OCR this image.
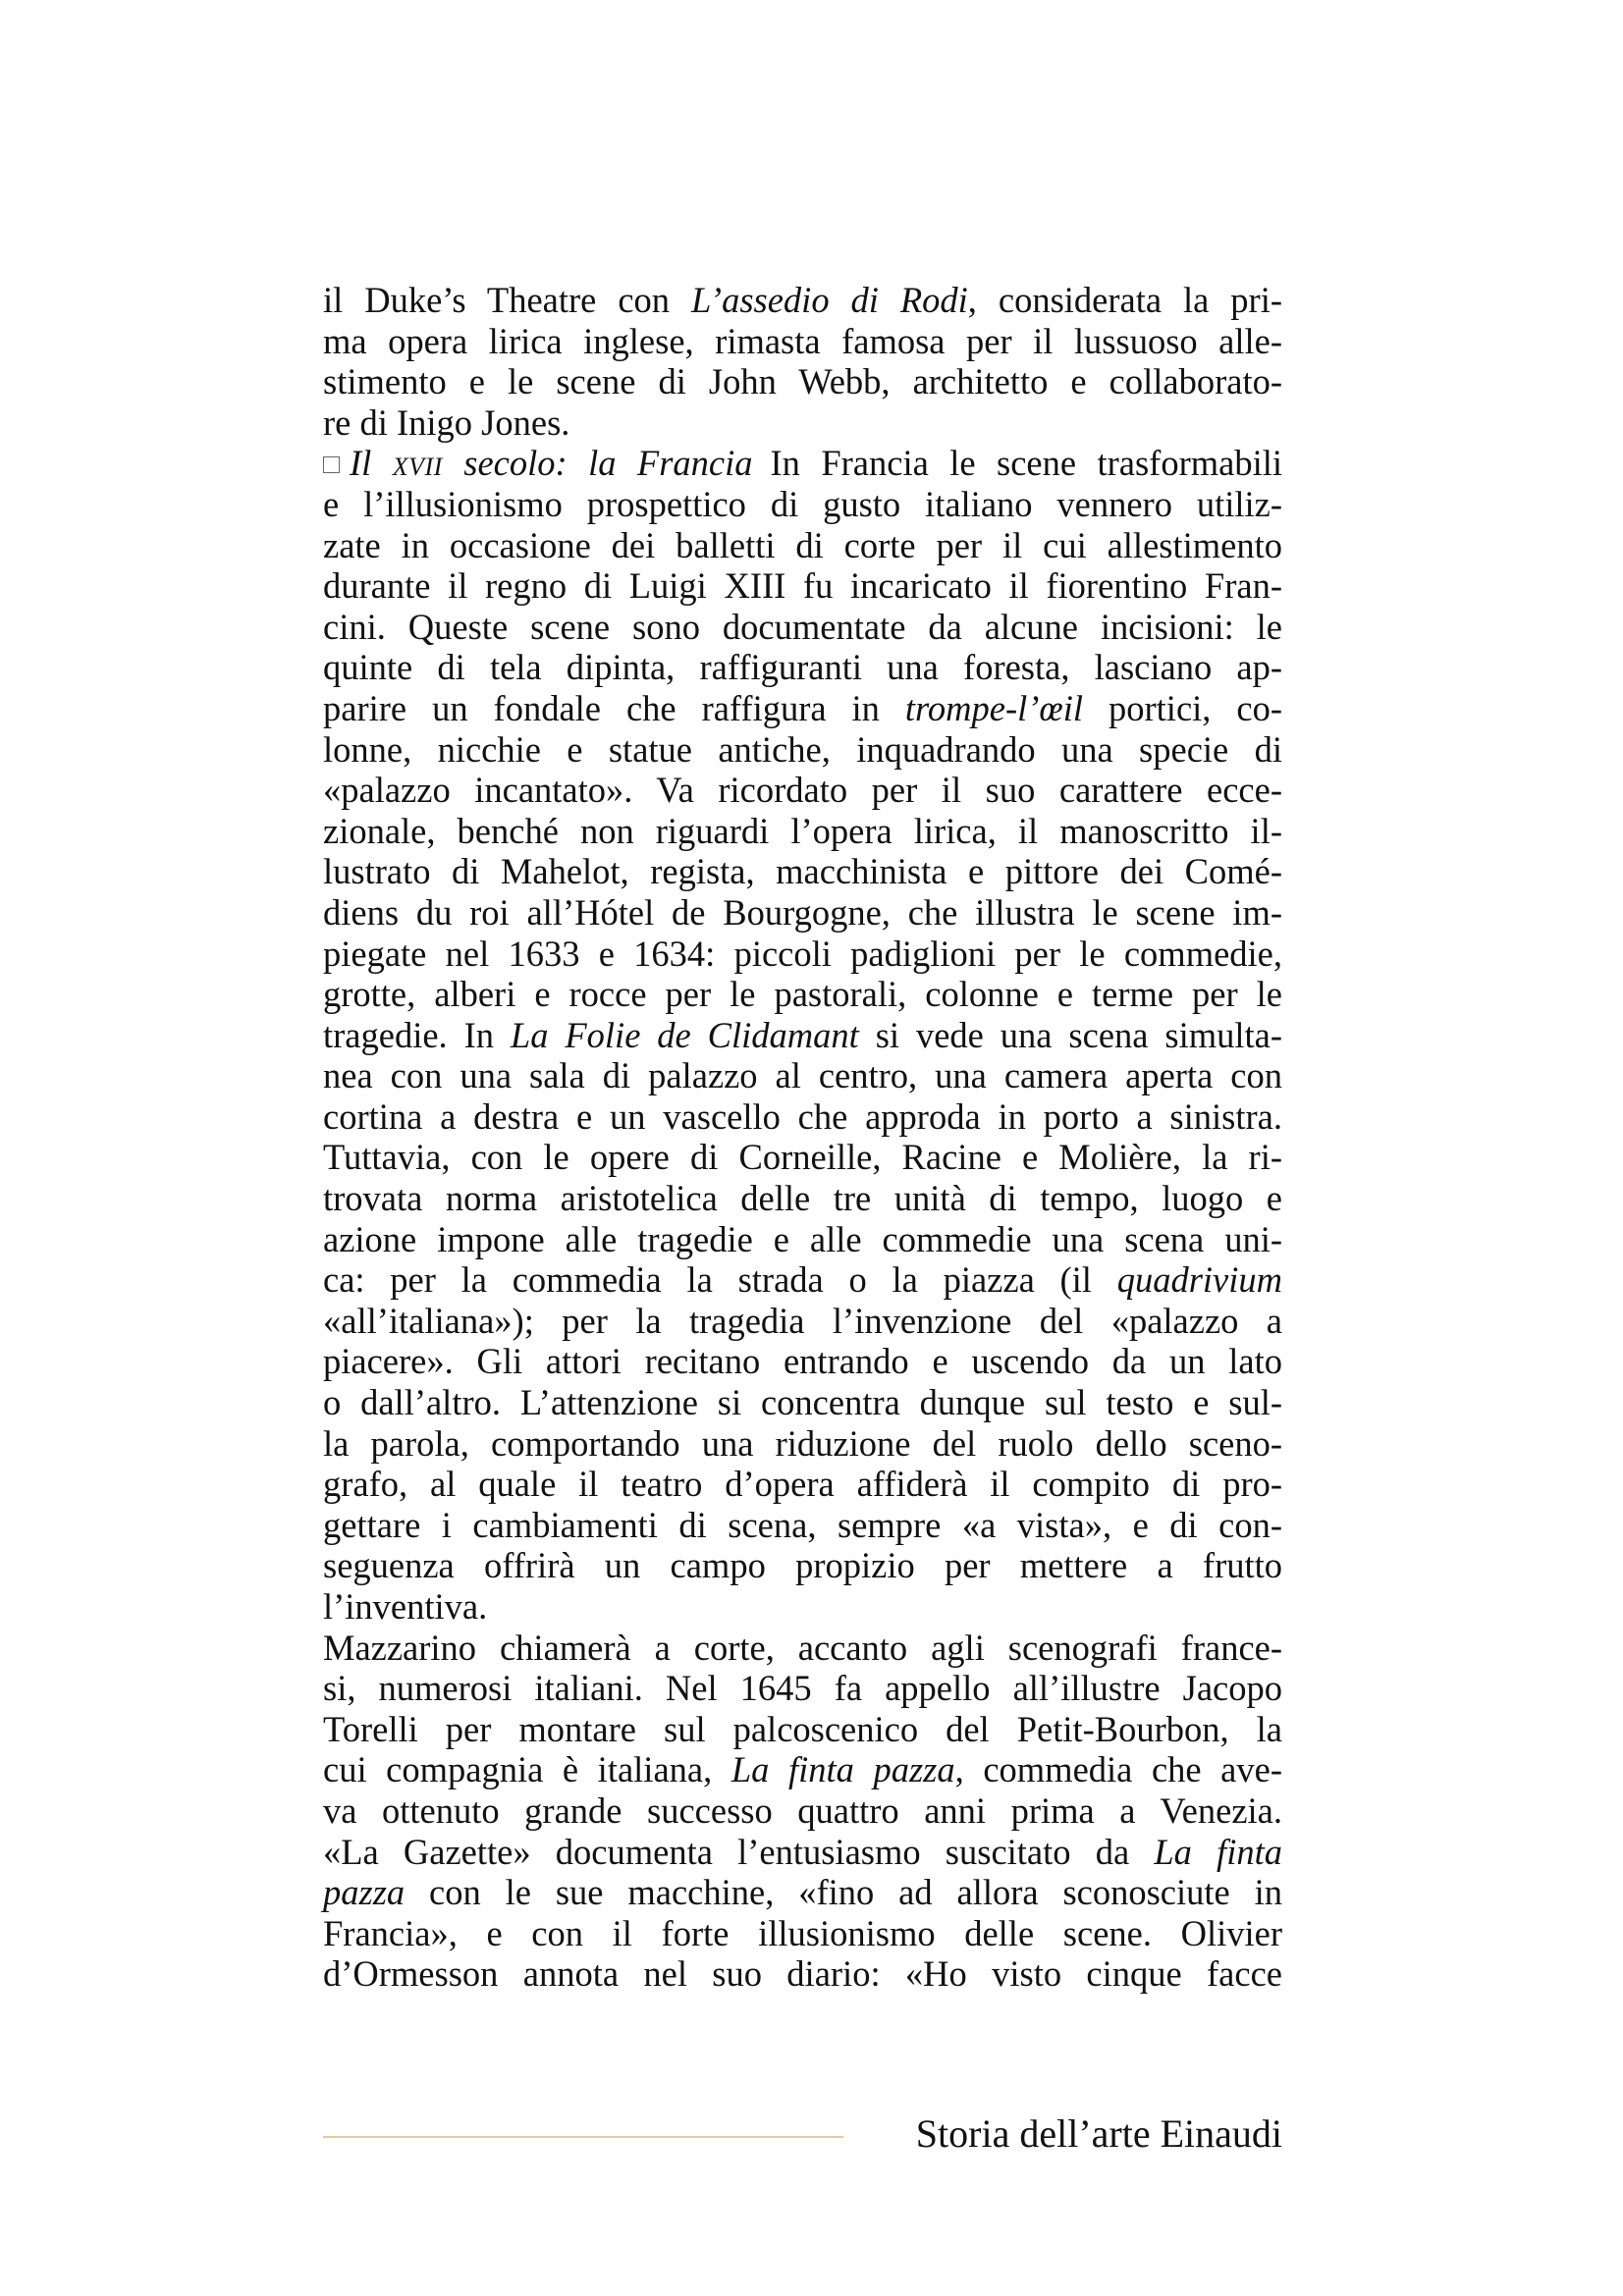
il Duke’s Theatre con L’assedio di Rodi, considerata la pri-
ma opera lirica inglese, rimasta famosa per il lussuoso alle-
stimento e le scene di John Webb, architetto e collaborato-
re di Inigo Jones.
Il xvii secolo: la Francia In Francia le scene trasformabili
e l’illusionismo prospettico di gusto italiano vennero utiliz-
zate in occasione dei balletti di corte per il cui allestimento
durante il regno di Luigi XIII fu incaricato il fiorentino Fran-
cini. Queste scene sono documentate da alcune incisioni: le
quinte di tela dipinta, raffiguranti una foresta, lasciano ap-
parire un fondale che raffigura in trompe-l’œil portici, co-
lonne, nicchie e statue antiche, inquadrando una specie di
«palazzo incantato». Va ricordato per il suo carattere ecce-
zionale, benché non riguardi l’opera lirica, il manoscritto il-
lustrato di Mahelot, regista, macchinista e pittore dei Comé-
diens du roi all’Hótel de Bourgogne, che illustra le scene im-
piegate nel 1633 e 1634: piccoli padiglioni per le commedie,
grotte, alberi e rocce per le pastorali, colonne e terme per le
tragedie. In La Folie de Clidamant si vede una scena simulta-
nea con una sala di palazzo al centro, una camera aperta con
cortina a destra e un vascello che approda in porto a sinistra.
Tuttavia, con le opere di Corneille, Racine e Molière, la ri-
trovata norma aristotelica delle tre unità di tempo, luogo e
azione impone alle tragedie e alle commedie una scena uni-
ca: per la commedia la strada o la piazza (il quadrivium
«all’italiana»); per la tragedia l’invenzione del «palazzo a
piacere». Gli attori recitano entrando e uscendo da un lato
o dall’altro. L’attenzione si concentra dunque sul testo e sul-
la parola, comportando una riduzione del ruolo dello sceno-
grafo, al quale il teatro d’opera affiderà il compito di pro-
gettare i cambiamenti di scena, sempre «a vista», e di con-
seguenza offrirà un campo propizio per mettere a frutto
l’inventiva.
Mazzarino chiamerà a corte, accanto agli scenografi france-
si, numerosi italiani. Nel 1645 fa appello all’illustre Jacopo
Torelli per montare sul palcoscenico del Petit-Bourbon, la
cui compagnia è italiana, La finta pazza, commedia che ave-
va ottenuto grande successo quattro anni prima a Venezia.
«La Gazette» documenta l’entusiasmo suscitato da La finta
pazza con le sue macchine, «fino ad allora sconosciute in
Francia», e con il forte illusionismo delle scene. Olivier
d’Ormesson annota nel suo diario: «Ho visto cinque facce
Storia dell’arte Einaudi
